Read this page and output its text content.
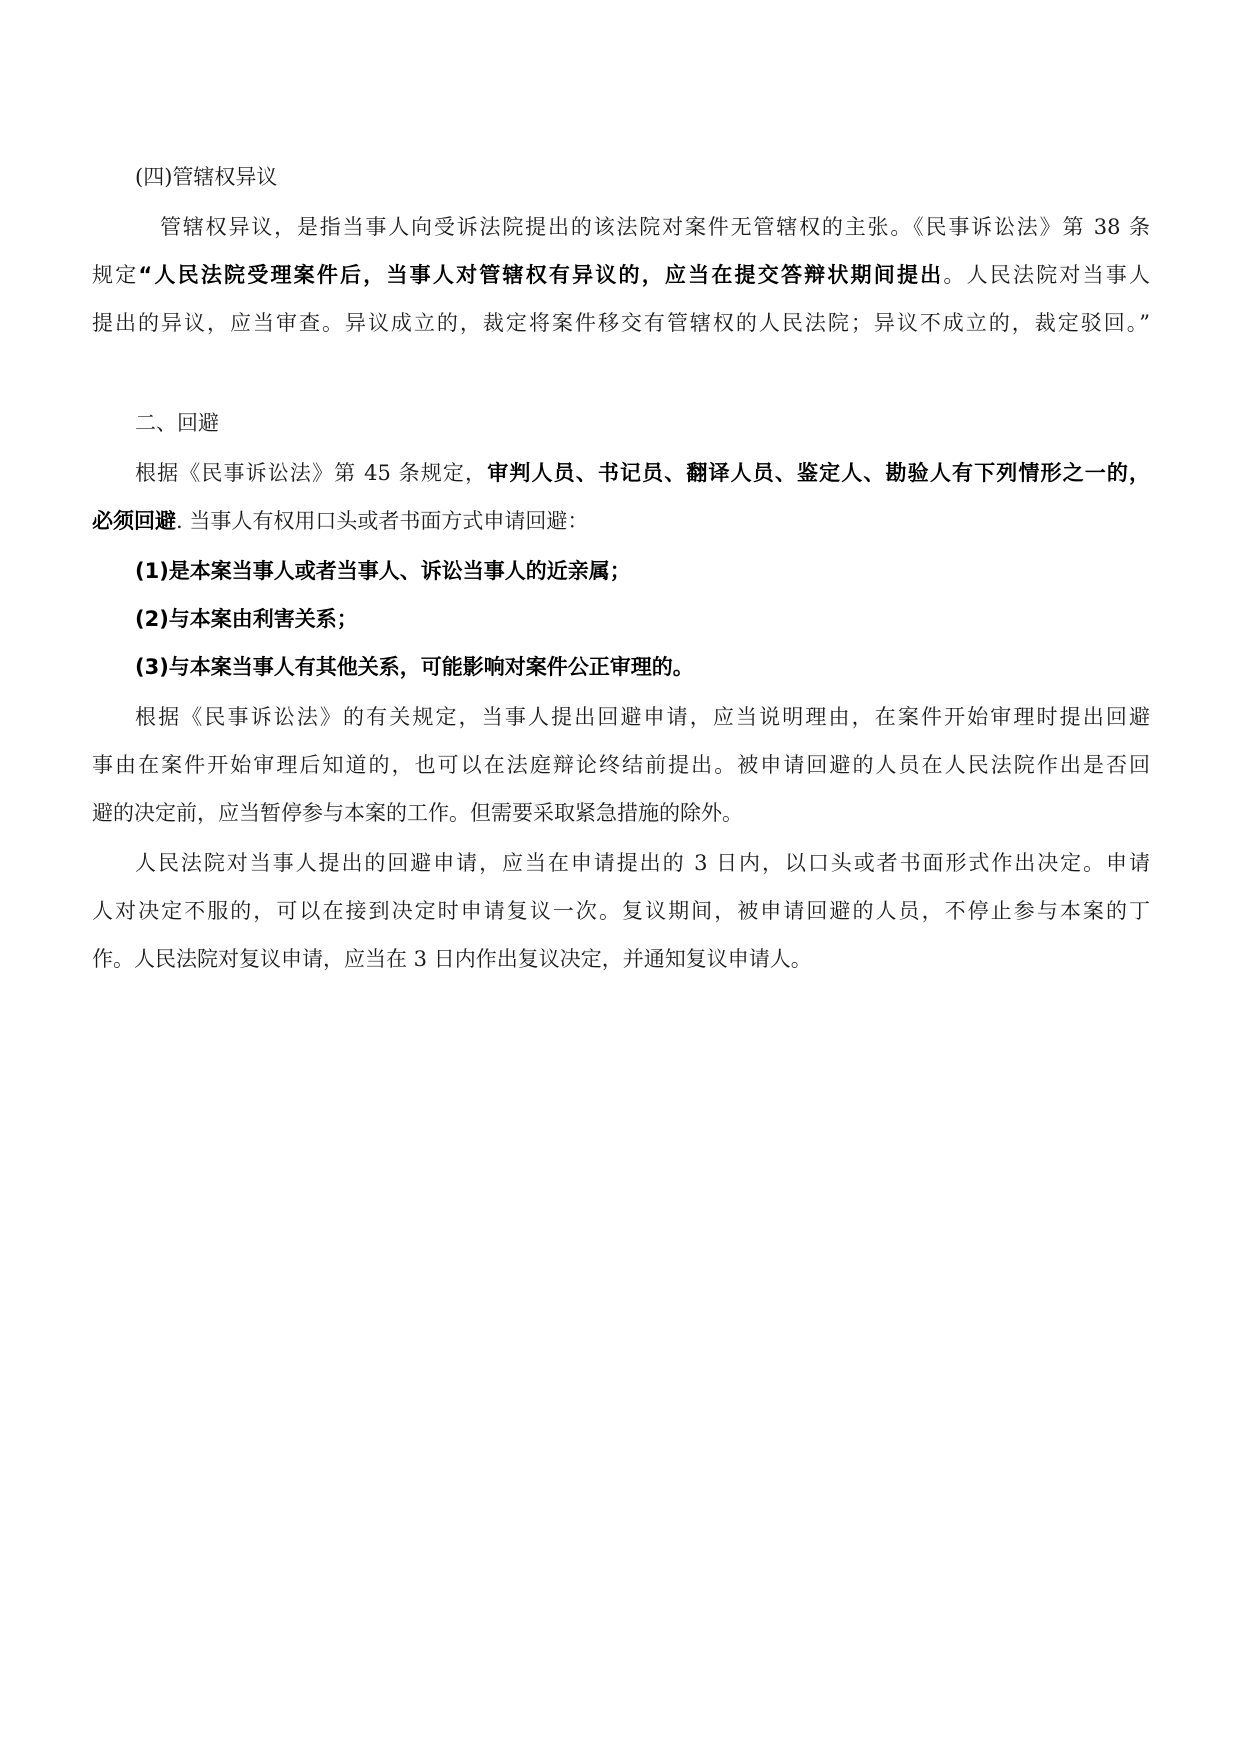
(四)管辖权异议
管辖权异议，是指当事人向受诉法院提出的该法院对案件无管辖权的主张。《民事诉讼法》第 38 条
规定“人民法院受理案件后，当事人对管辖权有异议的，应当在提交答辩状期间提出。人民法院对当事人
提出的异议，应当审查。异议成立的，裁定将案件移交有管辖权的人民法院；异议不成立的，裁定驳回。”
二、回避
根据《民事诉讼法》第 45 条规定，审判人员、书记员、翻译人员、鉴定人、勘验人有下列情形之一的，
必须回避. 当事人有权用口头或者书面方式申请回避：
(1)是本案当事人或者当事人、诉讼当事人的近亲属；
(2)与本案由利害关系；
(3)与本案当事人有其他关系，可能影响对案件公正审理的。
根据《民事诉讼法》的有关规定，当事人提出回避申请，应当说明理由，在案件开始审理时提出回避
事由在案件开始审理后知道的，也可以在法庭辩论终结前提出。被申请回避的人员在人民法院作出是否回
避的决定前，应当暂停参与本案的工作。但需要采取紧急措施的除外。
人民法院对当事人提出的回避申请，应当在申请提出的 3 日内，以口头或者书面形式作出决定。申请
人对决定不服的，可以在接到决定时申请复议一次。复议期间，被申请回避的人员，不停止参与本案的丁
作。人民法院对复议申请，应当在 3 日内作出复议决定，并通知复议申请人。
